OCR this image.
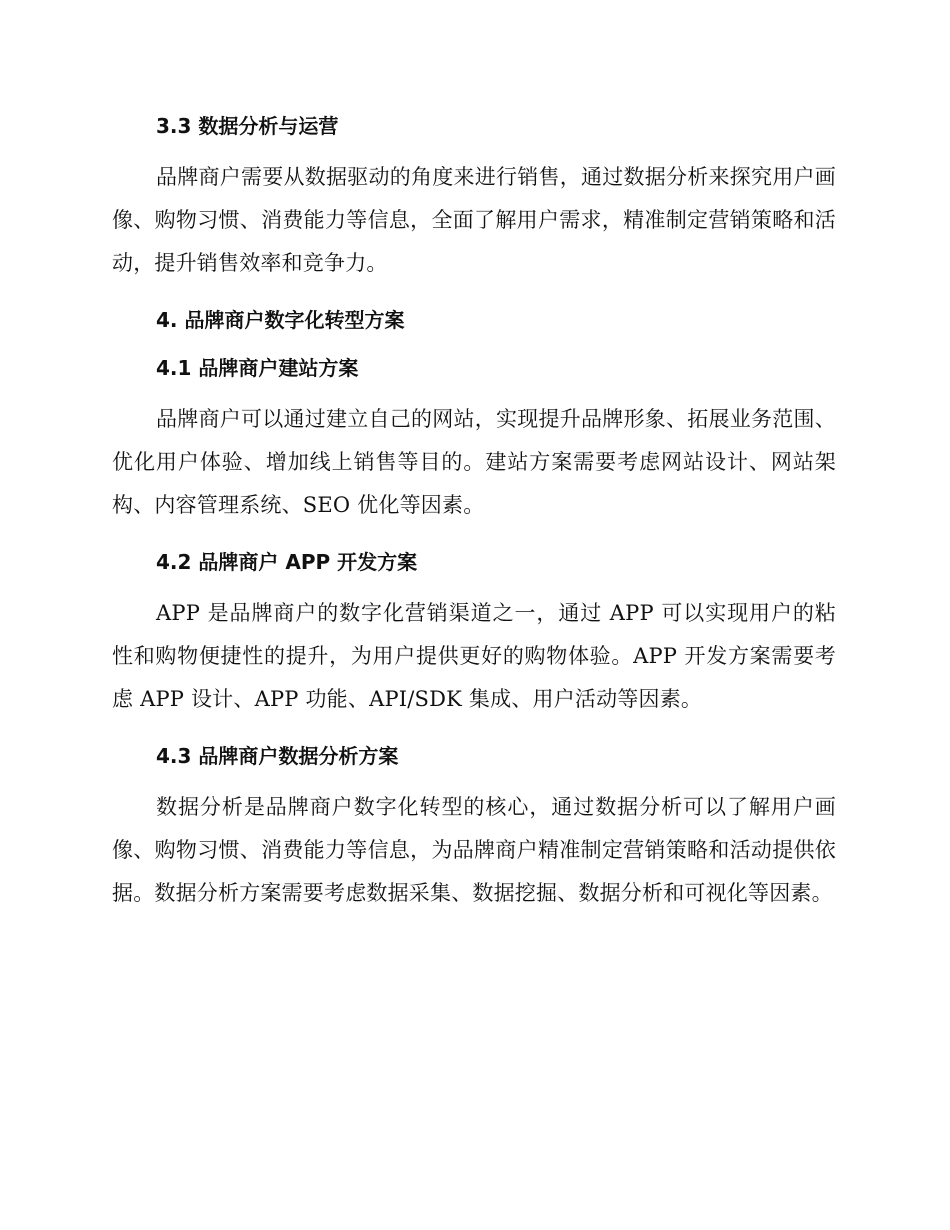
3.3 数据分析与运营

品牌商户需要从数据驱动的角度来进行销售，通过数据分析来探究用户画像、购物习惯、消费能力等信息，全面了解用户需求，精准制定营销策略和活动，提升销售效率和竞争力。

4. 品牌商户数字化转型方案
4.1 品牌商户建站方案

品牌商户可以通过建立自己的网站，实现提升品牌形象、拓展业务范围、优化用户体验、增加线上销售等目的。建站方案需要考虑网站设计、网站架构、内容管理系统、SEO 优化等因素。

4.2 品牌商户 APP 开发方案

APP 是品牌商户的数字化营销渠道之一，通过 APP 可以实现用户的粘性和购物便捷性的提升，为用户提供更好的购物体验。APP 开发方案需要考虑 APP 设计、APP 功能、API/SDK 集成、用户活动等因素。

4.3 品牌商户数据分析方案

数据分析是品牌商户数字化转型的核心，通过数据分析可以了解用户画像、购物习惯、消费能力等信息，为品牌商户精准制定营销策略和活动提供依据。数据分析方案需要考虑数据采集、数据挖掘、数据分析和可视化等因素。
